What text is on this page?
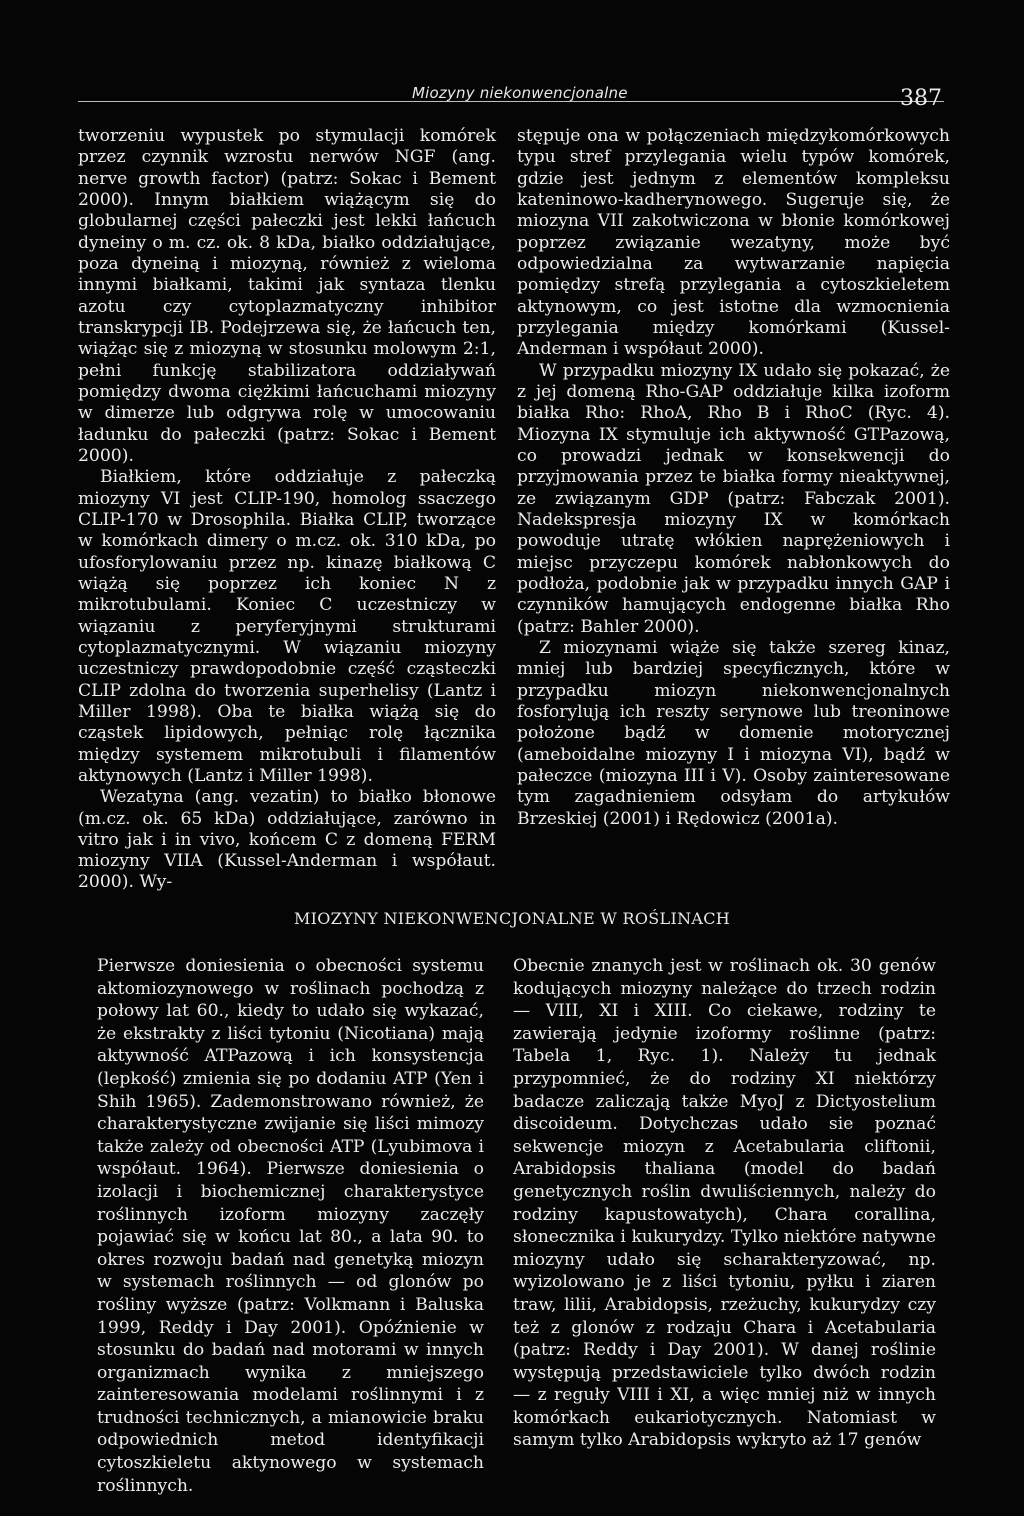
Miozyny niekonwencjonalne	387

tworzeniu wypustek po stymulacji komórek przez czynnik wzrostu nerwów NGF (ang. nerve growth factor) (patrz: Sokac i Bement 2000). Innym białkiem wiążącym się do globularnej części pałeczki jest lekki łańcuch dyneiny o m. cz. ok. 8 kDa, białko oddziałujące, poza dyneiną i miozyną, również z wieloma innymi białkami, takimi jak syntaza tlenku azotu czy cytoplazmatyczny inhibitor transkrypcji IB. Podejrzewa się, że łańcuch ten, wiążąc się z miozyną w stosunku molowym 2:1, pełni funkcję stabilizatora oddziaływań pomiędzy dwoma ciężkimi łańcuchami miozyny w dimerze lub odgrywa rolę w umocowaniu ładunku do pałeczki (patrz: Sokac i Bement 2000).

Białkiem, które oddziałuje z pałeczką miozyny VI jest CLIP-190, homolog ssaczego CLIP-170 w Drosophila. Białka CLIP, tworzące w komórkach dimery o m.cz. ok. 310 kDa, po ufosforylowaniu przez np. kinazę białkową C wiążą się poprzez ich koniec N z mikrotubulami. Koniec C uczestniczy w wiązaniu z peryferyjnymi strukturami cytoplazmatycznymi. W wiązaniu miozyny uczestniczy prawdopodobnie część cząsteczki CLIP zdolna do tworzenia superhelisy (Lantz i Miller 1998). Oba te białka wiążą się do cząstek lipidowych, pełniąc rolę łącznika między systemem mikrotubuli i filamentów aktynowych (Lantz i Miller 1998).

Wezatyna (ang. vezatin) to białko błonowe (m.cz. ok. 65 kDa) oddziałujące, zarówno in vitro jak i in vivo, końcem C z domeną FERM miozyny VIIA (Kussel-Anderman i współaut. 2000). Wy-

stępuje ona w połączeniach międzykomórkowych typu stref przylegania wielu typów komórek, gdzie jest jednym z elementów kompleksu kateninowo-kadherynowego. Sugeruje się, że miozyna VII zakotwiczona w błonie komórkowej poprzez związanie wezatyny, może być odpowiedzialna za wytwarzanie napięcia pomiędzy strefą przylegania a cytoszkieletem aktynowym, co jest istotne dla wzmocnienia przylegania między komórkami (Kussel-Anderman i współaut 2000).

W przypadku miozyny IX udało się pokazać, że z jej domeną Rho-GAP oddziałuje kilka izoform białka Rho: RhoA, Rho B i RhoC (Ryc. 4). Miozyna IX stymuluje ich aktywność GTPazową, co prowadzi jednak w konsekwencji do przyjmowania przez te białka formy nieaktywnej, ze związanym GDP (patrz: Fabczak 2001). Nadekspresja miozyny IX w komórkach powoduje utratę włókien naprężeniowych i miejsc przyczepu komórek nabłonkowych do podłoża, podobnie jak w przypadku innych GAP i czynników hamujących endogenne białka Rho (patrz: Bahler 2000).

Z miozynami wiąże się także szereg kinaz, mniej lub bardziej specyficznych, które w przypadku miozyn niekonwencjonalnych fosforylują ich reszty serynowe lub treoninowe położone bądź w domenie motorycznej (ameboidalne miozyny I i miozyna VI), bądź w pałeczce (miozyna III i V). Osoby zainteresowane tym zagadnieniem odsyłam do artykułów Brzeskiej (2001) i Rędowicz (2001a).

MIOZYNY NIEKONWENCJONALNE W ROŚLINACH

Pierwsze doniesienia o obecności systemu aktomiozynowego w roślinach pochodzą z połowy lat 60., kiedy to udało się wykazać, że ekstrakty z liści tytoniu (Nicotiana) mają aktywność ATPazową i ich konsystencja (lepkość) zmienia się po dodaniu ATP (Yen i Shih 1965). Zademonstrowano również, że charakterystyczne zwijanie się liści mimozy także zależy od obecności ATP (Lyubimova i współaut. 1964). Pierwsze doniesienia o izolacji i biochemicznej charakterystyce roślinnych izoform miozyny zaczęły pojawiać się w końcu lat 80., a lata 90. to okres rozwoju badań nad genetyką miozyn w systemach roślinnych — od glonów po rośliny wyższe (patrz: Volkmann i Baluska 1999, Reddy i Day 2001). Opóźnienie w stosunku do badań nad motorami w innych organizmach wynika z mniejszego zainteresowania modelami roślinnymi i z trudności technicznych, a mianowicie braku odpowiednich metod identyfikacji cytoszkieletu aktynowego w systemach roślinnych.

Obecnie znanych jest w roślinach ok. 30 genów kodujących miozyny należące do trzech rodzin — VIII, XI i XIII. Co ciekawe, rodziny te zawierają jedynie izoformy roślinne (patrz: Tabela 1, Ryc. 1). Należy tu jednak przypomnieć, że do rodziny XI niektórzy badacze zaliczają także MyoJ z Dictyostelium discoideum. Dotychczas udało sie poznać sekwencje miozyn z Acetabularia cliftonii, Arabidopsis thaliana (model do badań genetycznych roślin dwuliściennych, należy do rodziny kapustowatych), Chara corallina, słonecznika i kukurydzy. Tylko niektóre natywne miozyny udało się scharakteryzować, np. wyizolowano je z liści tytoniu, pyłku i ziaren traw, lilii, Arabidopsis, rzeżuchy, kukurydzy czy też z glonów z rodzaju Chara i Acetabularia (patrz: Reddy i Day 2001). W danej roślinie występują przedstawiciele tylko dwóch rodzin — z reguły VIII i XI, a więc mniej niż w innych komórkach eukariotycznych. Natomiast w samym tylko Arabidopsis wykryto aż 17 genów
